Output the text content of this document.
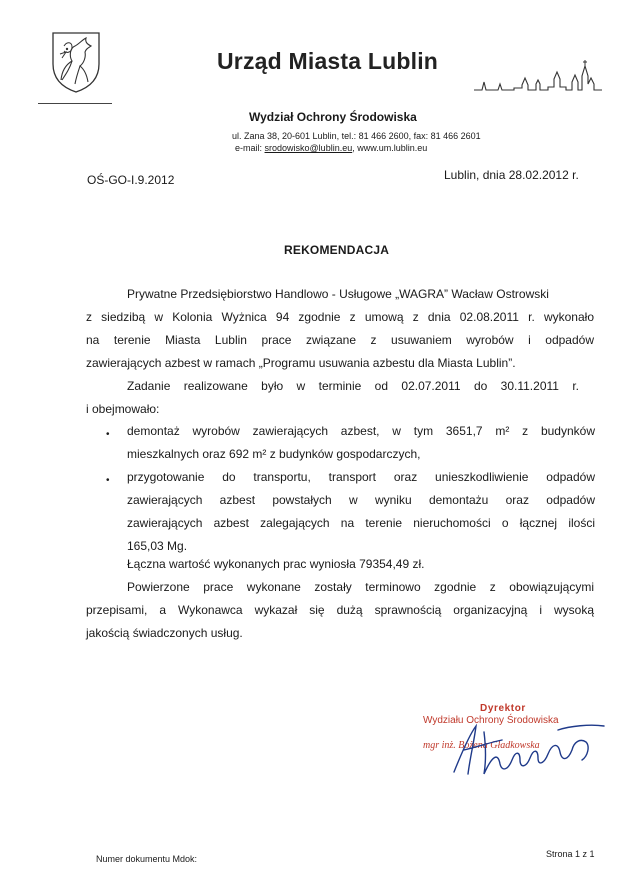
Urząd Miasta Lublin
Wydział Ochrony Środowiska
ul. Zana 38, 20-601 Lublin, tel.: 81 466 2600, fax: 81 466 2601
e-mail: srodowisko@lublin.eu, www.um.lublin.eu
OŚ-GO-I.9.2012	Lublin, dnia 28.02.2012 r.
REKOMENDACJA
Prywatne Przedsiębiorstwo Handlowo - Usługowe „WAGRA” Wacław Ostrowski
z siedzibą w Kolonia Wyżnica 94 zgodnie z umową z dnia 02.08.2011 r. wykonało
na terenie Miasta Lublin prace związane z usuwaniem wyrobów i odpadów
zawierających azbest w ramach „Programu usuwania azbestu dla Miasta Lublin”.
Zadanie realizowane było w terminie od 02.07.2011 do 30.11.2011 r.
i obejmowało:
• demontaż wyrobów zawierających azbest, w tym 3651,7 m² z budynków
mieszkalnych oraz 692 m² z budynków gospodarczych,
• przygotowanie do transportu, transport oraz unieszkodliwienie odpadów
zawierających azbest powstałych w wyniku demontażu oraz odpadów
zawierających azbest zalegających na terenie nieruchomości o łącznej ilości
165,03 Mg.
Łączna wartość wykonanych prac wyniosła 79354,49 zł.
Powierzone prace wykonane zostały terminowo zgodnie z obowiązującymi
przepisami, a Wykonawca wykazał się dużą sprawnością organizacyjną i wysoką
jakością świadczonych usług.
Dyrektor
Wydziału Ochrony Środowiska
mgr inż. Bożena Gładkowska
Numer dokumentu Mdok:	Strona 1 z 1
